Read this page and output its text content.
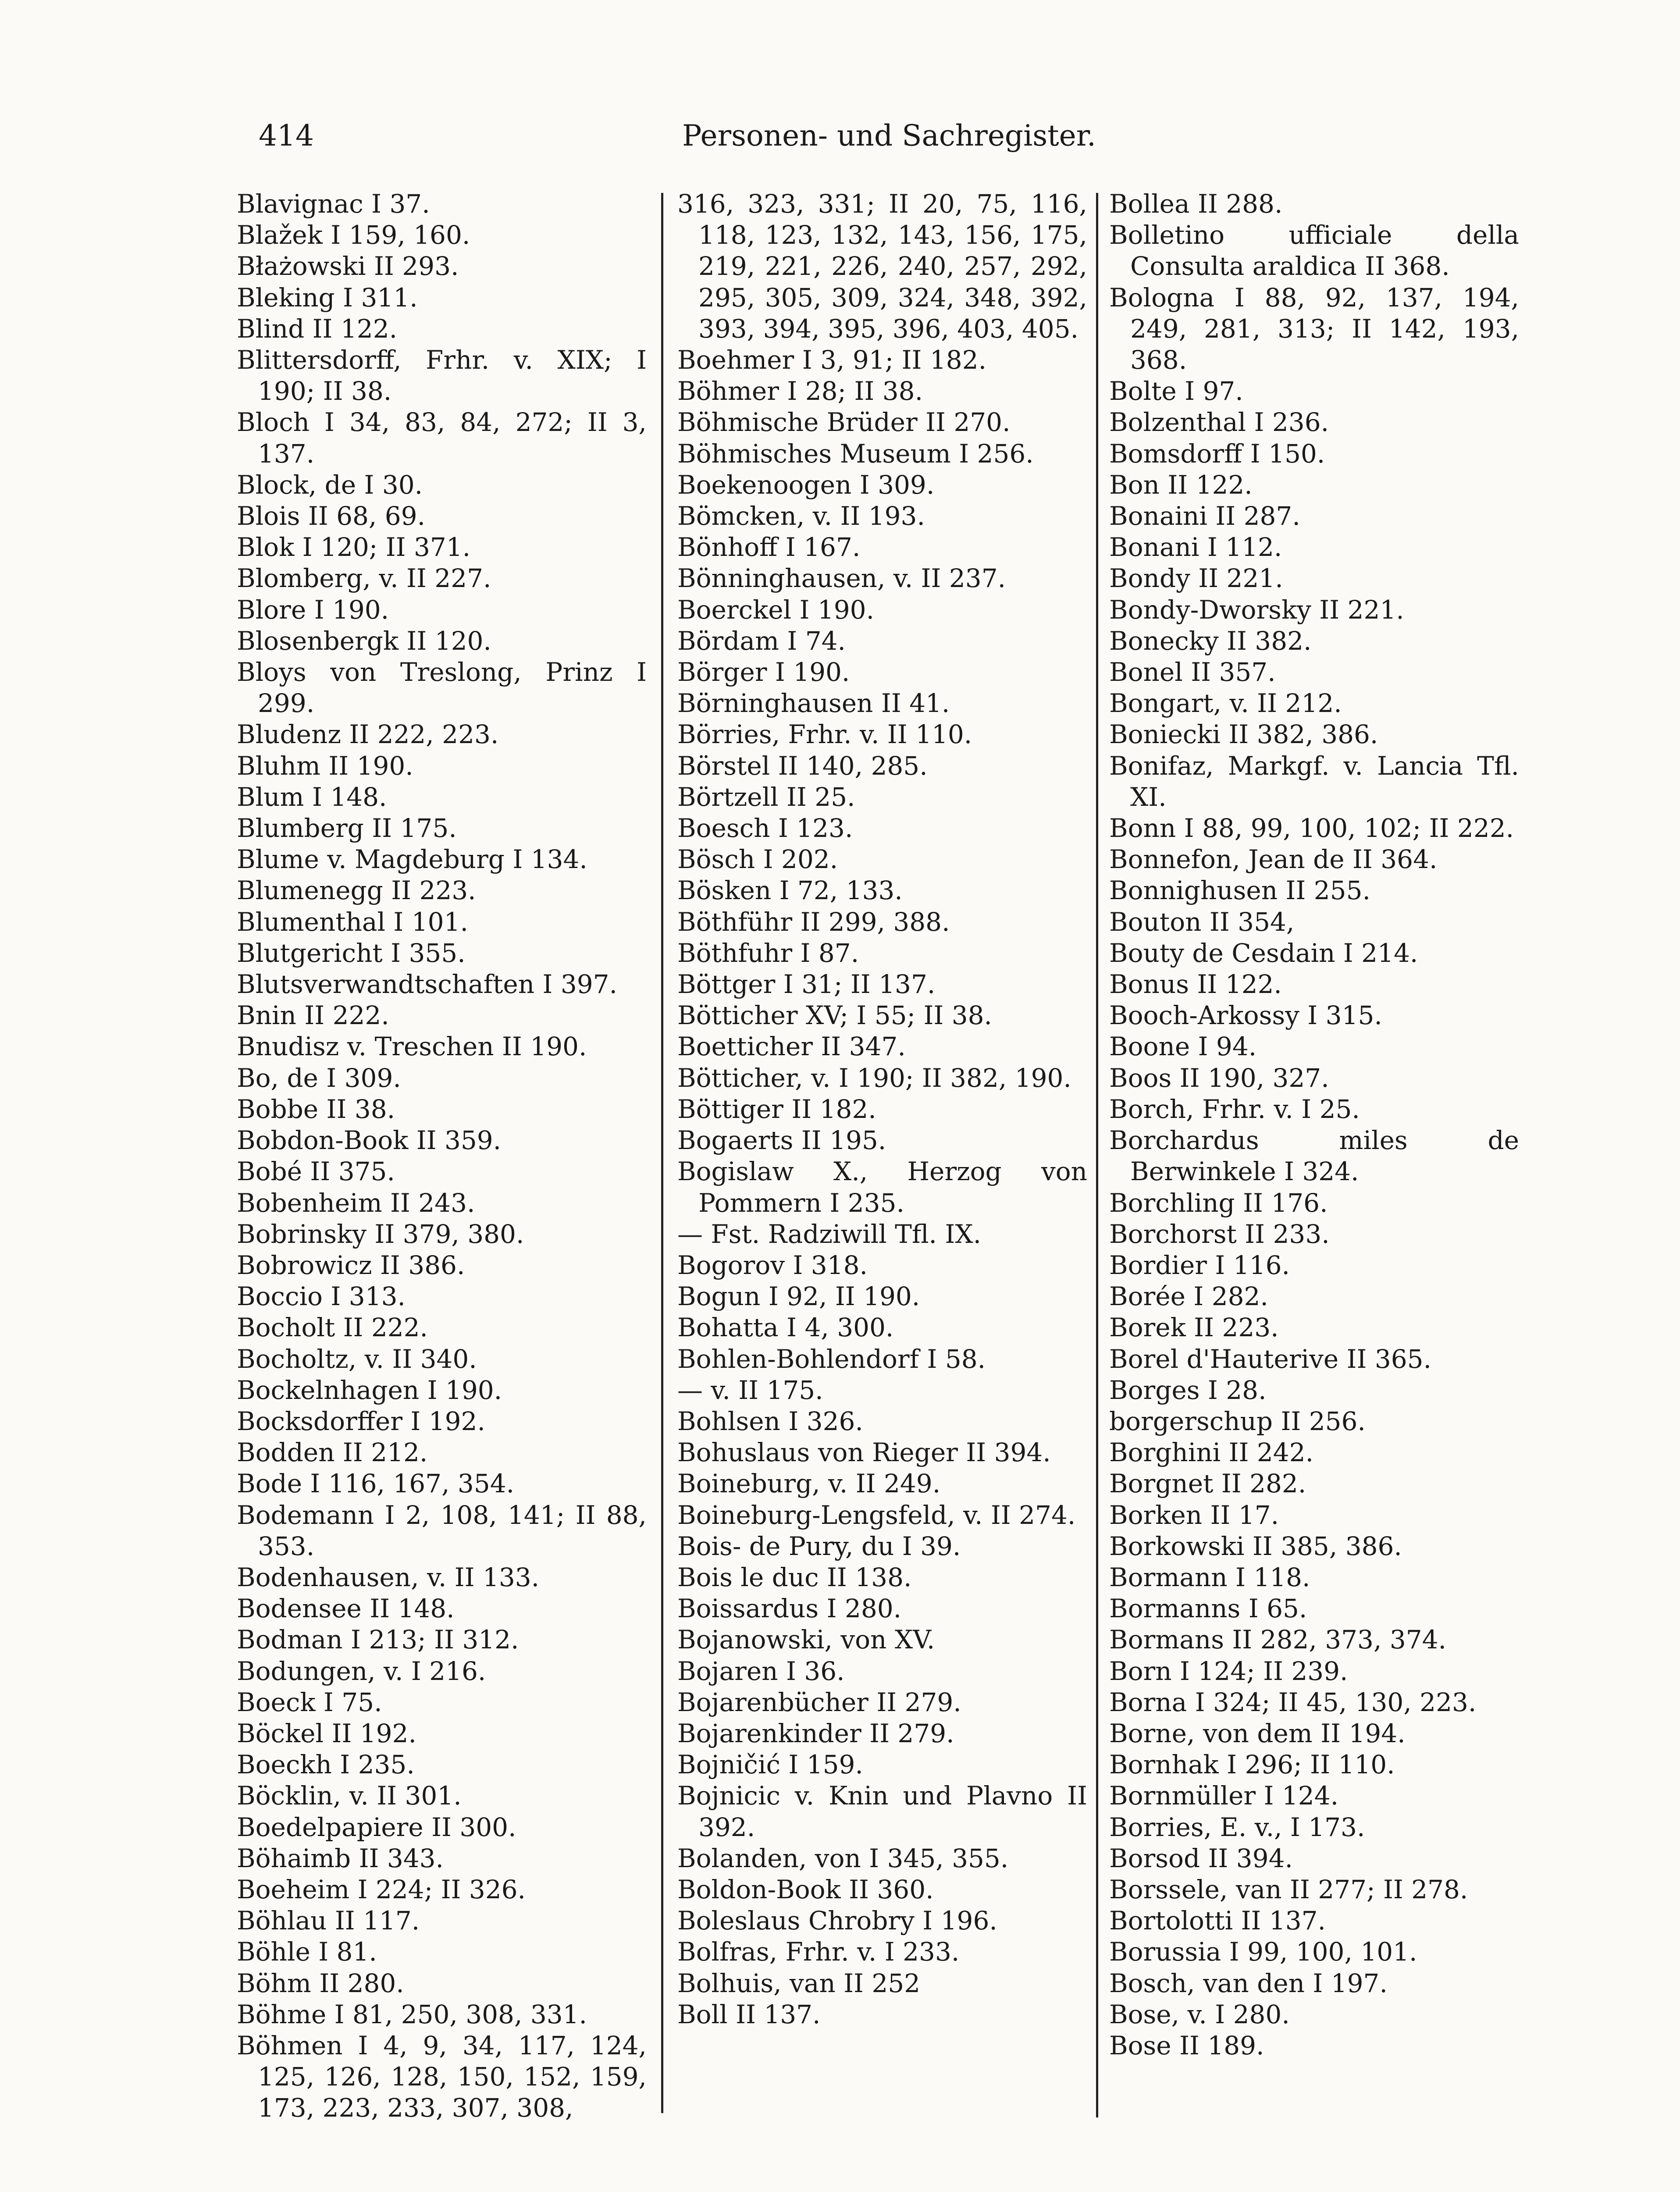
414	Personen- und Sachregister.
Blavignac I 37.
Blažek I 159, 160.
Błażowski II 293.
Bleking I 311.
Blind II 122.
Blittersdorff, Frhr. v. XIX; I 190; II 38.
Bloch I 34, 83, 84, 272; II 3, 137.
Block, de I 30.
Blois II 68, 69.
Blok I 120; II 371.
Blomberg, v. II 227.
Blore I 190.
Blosenbergk II 120.
Bloys von Treslong, Prinz I 299.
Bludenz II 222, 223.
Bluhm II 190.
Blum I 148.
Blumberg II 175.
Blume v. Magdeburg I 134.
Blumenegg II 223.
Blumenthal I 101.
Blutgericht I 355.
Blutsverwandtschaften I 397.
Bnin II 222.
Bnudisz v. Treschen II 190.
Bo, de I 309.
Bobbe II 38.
Bobdon-Book II 359.
Bobé II 375.
Bobenheim II 243.
Bobrinsky II 379, 380.
Bobrowicz II 386.
Boccio I 313.
Bocholt II 222.
Bocholtz, v. II 340.
Bockelnhagen I 190.
Bocksdorffer I 192.
Bodden II 212.
Bode I 116, 167, 354.
Bodemann I 2, 108, 141; II 88, 353.
Bodenhausen, v. II 133.
Bodensee II 148.
Bodman I 213; II 312.
Bodungen, v. I 216.
Boeck I 75.
Böckel II 192.
Boeckh I 235.
Böcklin, v. II 301.
Boedelpapiere II 300.
Böhaimb II 343.
Boeheim I 224; II 326.
Böhlau II 117.
Böhle I 81.
Böhm II 280.
Böhme I 81, 250, 308, 331.
Böhmen I 4, 9, 34, 117, 124, 125, 126, 128, 150, 152, 159, 173, 223, 233, 307, 308,
316, 323, 331; II 20, 75, 116, 118, 123, 132, 143, 156, 175, 219, 221, 226, 240, 257, 292, 295, 305, 309, 324, 348, 392, 393, 394, 395, 396, 403, 405.
Boehmer I 3, 91; II 182.
Böhmer I 28; II 38.
Böhmische Brüder II 270.
Böhmisches Museum I 256.
Boekenoogen I 309.
Bömcken, v. II 193.
Bönhoff I 167.
Bönninghausen, v. II 237.
Boerckel I 190.
Bördam I 74.
Börger I 190.
Börninghausen II 41.
Börries, Frhr. v. II 110.
Börstel II 140, 285.
Börtzell II 25.
Boesch I 123.
Bösch I 202.
Bösken I 72, 133.
Böthführ II 299, 388.
Böthfuhr I 87.
Böttger I 31; II 137.
Bötticher XV; I 55; II 38.
Boetticher II 347.
Bötticher, v. I 190; II 382, 190.
Böttiger II 182.
Bogaerts II 195.
Bogislaw X., Herzog von Pommern I 235.
— Fst. Radziwill Tfl. IX.
Bogorov I 318.
Bogun I 92, II 190.
Bohatta I 4, 300.
Bohlen-Bohlendorf I 58.
— v. II 175.
Bohlsen I 326.
Bohuslaus von Rieger II 394.
Boineburg, v. II 249.
Boineburg-Lengsfeld, v. II 274.
Bois- de Pury, du I 39.
Bois le duc II 138.
Boissardus I 280.
Bojanowski, von XV.
Bojaren I 36.
Bojarenbücher II 279.
Bojarenkinder II 279.
Bojničić I 159.
Bojnicic v. Knin und Plavno II 392.
Bolanden, von I 345, 355.
Boldon-Book II 360.
Boleslaus Chrobry I 196.
Bolfras, Frhr. v. I 233.
Bolhuis, van II 252
Boll II 137.
Bollea II 288.
Bolletino ufficiale della Consulta araldica II 368.
Bologna I 88, 92, 137, 194, 249, 281, 313; II 142, 193, 368.
Bolte I 97.
Bolzenthal I 236.
Bomsdorff I 150.
Bon II 122.
Bonaini II 287.
Bonani I 112.
Bondy II 221.
Bondy-Dworsky II 221.
Bonecky II 382.
Bonel II 357.
Bongart, v. II 212.
Boniecki II 382, 386.
Bonifaz, Markgf. v. Lancia Tfl. XI.
Bonn I 88, 99, 100, 102; II 222.
Bonnefon, Jean de II 364.
Bonnighusen II 255.
Bouton II 354,
Bouty de Cesdain I 214.
Bonus II 122.
Booch-Arkossy I 315.
Boone I 94.
Boos II 190, 327.
Borch, Frhr. v. I 25.
Borchardus miles de Berwinkele I 324.
Borchling II 176.
Borchorst II 233.
Bordier I 116.
Borée I 282.
Borek II 223.
Borel d'Hauterive II 365.
Borges I 28.
borgerschup II 256.
Borghini II 242.
Borgnet II 282.
Borken II 17.
Borkowski II 385, 386.
Bormann I 118.
Bormanns I 65.
Bormans II 282, 373, 374.
Born I 124; II 239.
Borna I 324; II 45, 130, 223.
Borne, von dem II 194.
Bornhak I 296; II 110.
Bornmüller I 124.
Borries, E. v., I 173.
Borsod II 394.
Borssele, van II 277; II 278.
Bortolotti II 137.
Borussia I 99, 100, 101.
Bosch, van den I 197.
Bose, v. I 280.
Bose II 189.
